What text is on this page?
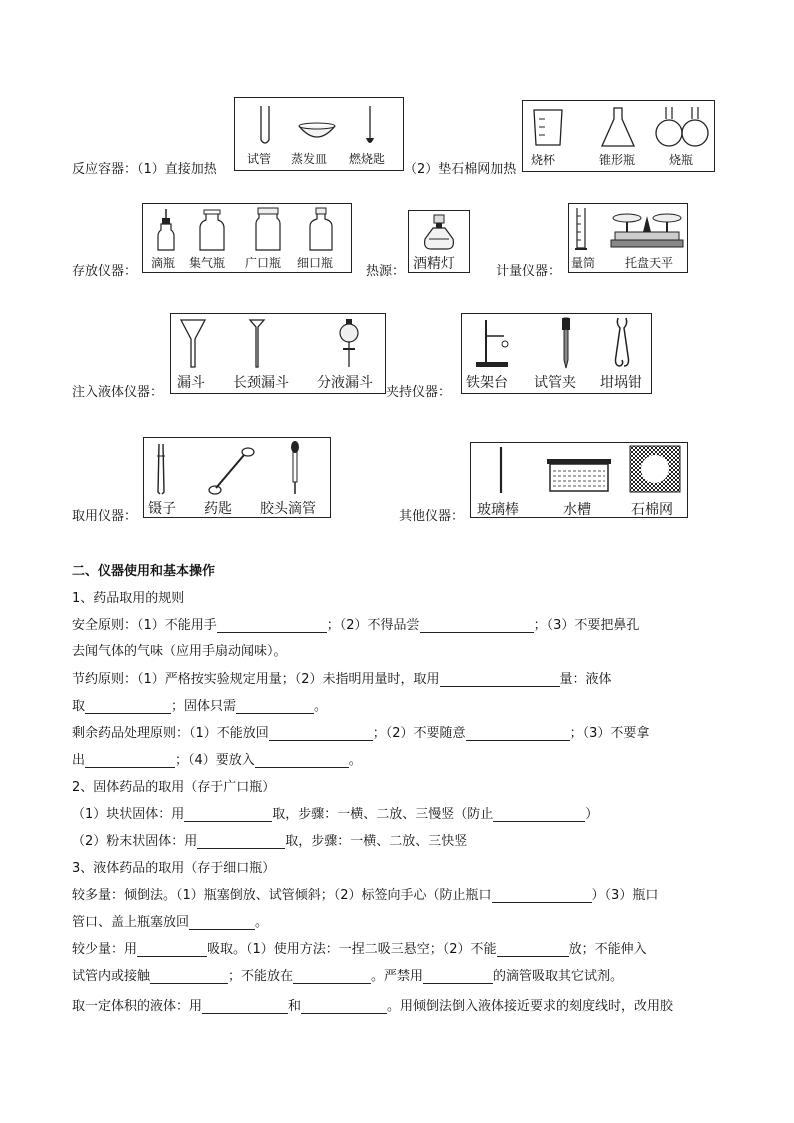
反应容器：（1）直接加热
试管 蒸发皿 燃烧匙
（2）垫石棉网加热
烧杯	锥形瓶	烧瓶
存放仪器：
滴瓶 集气瓶 广口瓶 细口瓶
热源： 酒精灯	计量仪器：
量筒 托盘天平
注入液体仪器：
漏斗 长颈漏斗 分液漏斗
夹持仪器：
铁架台 试管夹 坩埚钳
取用仪器： 镊子 药匙 胶头滴管	其他仪器： 玻璃棒	水槽	石棉网
二、仪器使用和基本操作
1、药品取用的规则
安全原则：（1）不能用手	；（2）不得品尝	；（3）不要把鼻孔
去闻气体的气味（应用手扇动闻味）。
节约原则：（1）严格按实验规定用量；（2）未指明用量时，取用	量：液体
取	；固体只需	。
剩余药品处理原则：（1）不能放回	；（2）不要随意	；（3）不要拿
出	；（4）要放入	。
2、固体药品的取用（存于广口瓶）
（1）块状固体：用	取，步骤：一横、二放、三慢竖（防止	）
（2）粉末状固体：用	取，步骤：一横、二放、三快竖
3、液体药品的取用（存于细口瓶）
较多量：倾倒法。（1）瓶塞倒放、试管倾斜；（2）标签向手心（防止瓶口	）（3）瓶口
管口、盖上瓶塞放回	。
较少量：用	吸取。（1）使用方法：一捏二吸三悬空；（2）不能	放；不能伸入
试管内或接触	；不能放在	。严禁用	的滴管吸取其它试剂。
取一定体积的液体：用	和	。用倾倒法倒入液体接近要求的刻度线时，改用胶
